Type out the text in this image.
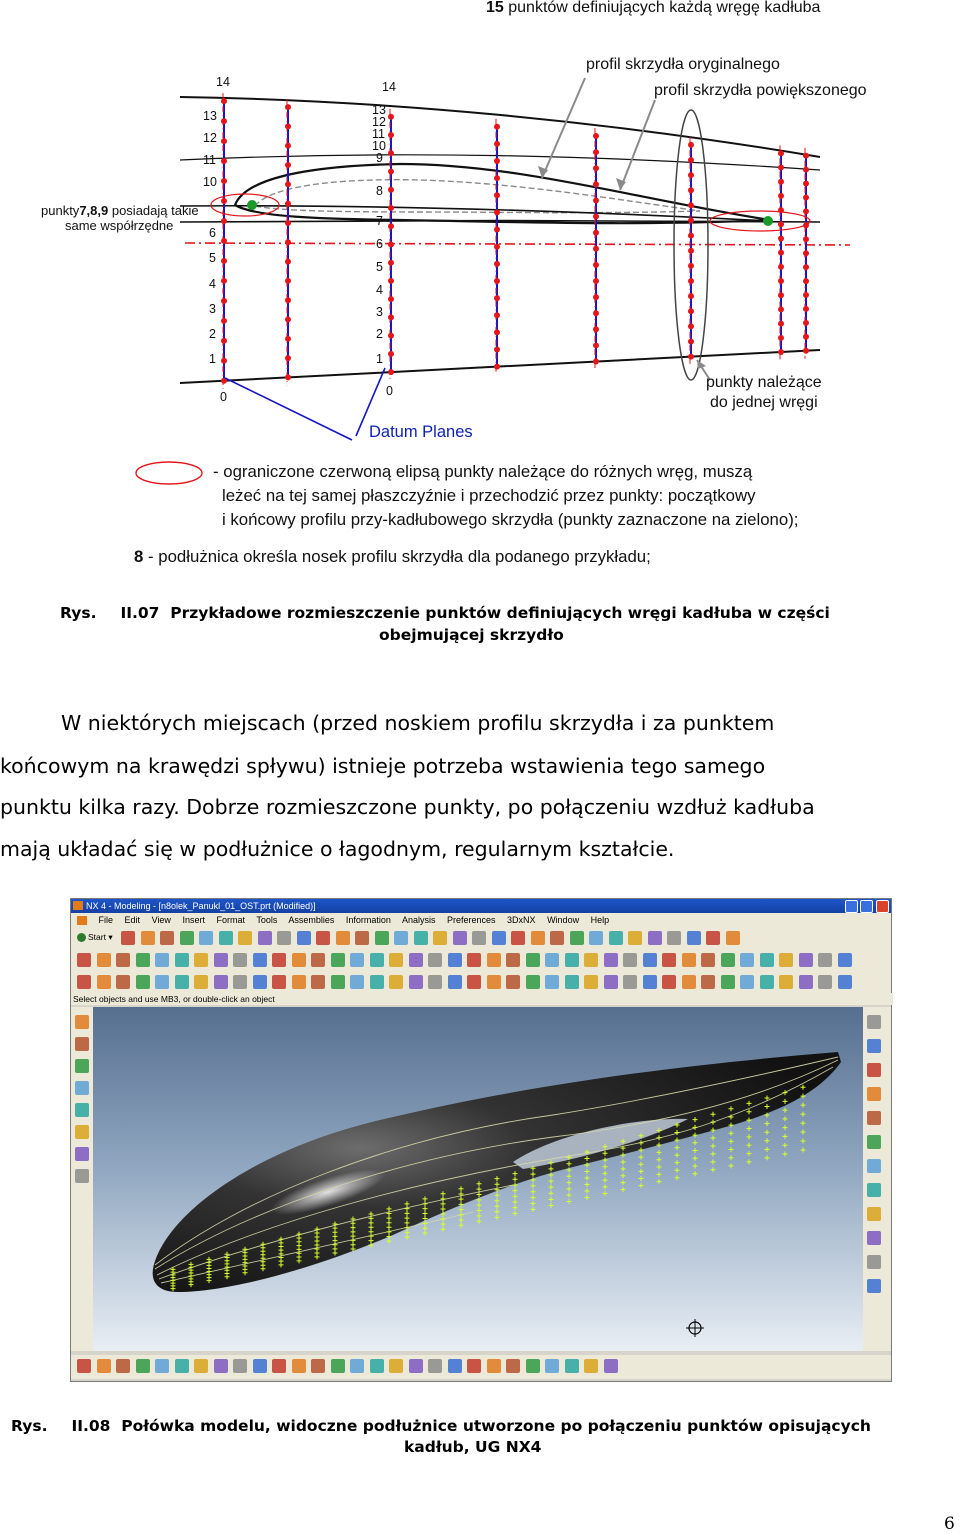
15 punktów definiujących każdą wręgę kadłuba
profil skrzydła oryginalnego
profil skrzydła powiększonego
punkty7,8,9 posiadają takie
same współrzędne
punkty należące
do jednej wręgi
Datum Planes
14
13
12
11
10
6
5
4
3
2
1
0
14
13
12
11
10
9
8
7
6
5
4
3
2
1
0
- ograniczone czerwoną elipsą punkty należące do różnych wręg, muszą
leżeć na tej samej płaszczyźnie i przechodzić przez punkty: początkowy
i końcowy profilu przy-kadłubowego skrzydła (punkty zaznaczone na zielono);
8 - podłużnica określa nosek profilu skrzydła dla podanego przykładu;
Rys. II.07 Przykładowe rozmieszczenie punktów definiujących wręgi kadłuba w części
obejmującej skrzydło
W niektórych miejscach (przed noskiem profilu skrzydła i za punktem
końcowym na krawędzi spływu) istnieje potrzeba wstawienia tego samego
punktu kilka razy. Dobrze rozmieszczone punkty, po połączeniu wzdłuż kadłuba
mają układać się w podłużnice o łagodnym, regularnym kształcie.
NX 4 - Modeling - [n8olek_Panukl_01_OST.prt (Modified)]

File Edit View Insert Format Tools Assemblies Information Analysis Preferences 3DxNX Window Help
Start ▾
Select objects and use MB3, or double-click an object
Rys. II.08 Połówka modelu, widoczne podłużnice utworzone po połączeniu punktów opisujących
kadłub, UG NX4
6
